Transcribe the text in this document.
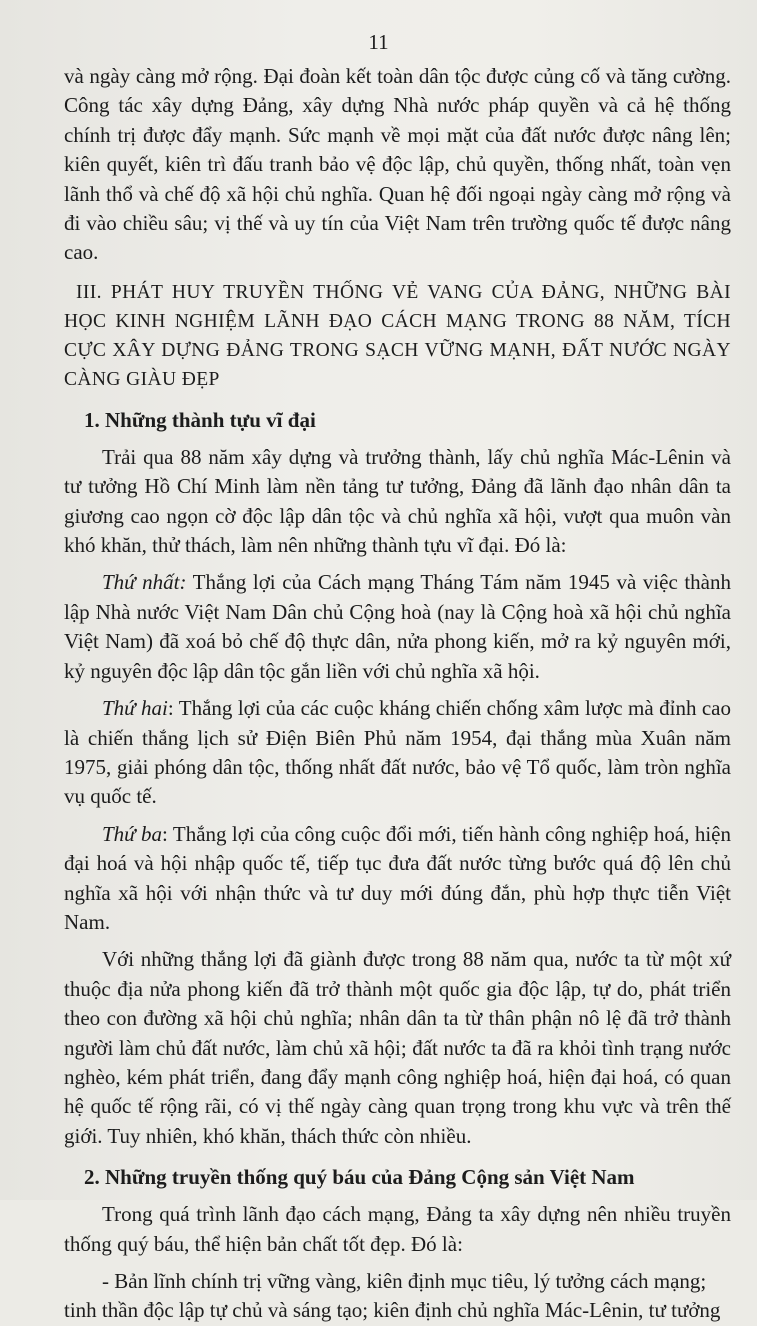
11

và ngày càng mở rộng. Đại đoàn kết toàn dân tộc được củng cố và tăng cường. Công tác xây dựng Đảng, xây dựng Nhà nước pháp quyền và cả hệ thống chính trị được đẩy mạnh. Sức mạnh về mọi mặt của đất nước được nâng lên; kiên quyết, kiên trì đấu tranh bảo vệ độc lập, chủ quyền, thống nhất, toàn vẹn lãnh thổ và chế độ xã hội chủ nghĩa. Quan hệ đối ngoại ngày càng mở rộng và đi vào chiều sâu; vị thế và uy tín của Việt Nam trên trường quốc tế được nâng cao.

III. PHÁT HUY TRUYỀN THỐNG VẺ VANG CỦA ĐẢNG, NHỮNG BÀI HỌC KINH NGHIỆM LÃNH ĐẠO CÁCH MẠNG TRONG 88 NĂM, TÍCH CỰC XÂY DỰNG ĐẢNG TRONG SẠCH VỮNG MẠNH, ĐẤT NƯỚC NGÀY CÀNG GIÀU ĐẸP

1. Những thành tựu vĩ đại

Trải qua 88 năm xây dựng và trưởng thành, lấy chủ nghĩa Mác-Lênin và tư tưởng Hồ Chí Minh làm nền tảng tư tưởng, Đảng đã lãnh đạo nhân dân ta giương cao ngọn cờ độc lập dân tộc và chủ nghĩa xã hội, vượt qua muôn vàn khó khăn, thử thách, làm nên những thành tựu vĩ đại. Đó là:

Thứ nhất: Thắng lợi của Cách mạng Tháng Tám năm 1945 và việc thành lập Nhà nước Việt Nam Dân chủ Cộng hoà (nay là Cộng hoà xã hội chủ nghĩa Việt Nam) đã xoá bỏ chế độ thực dân, nửa phong kiến, mở ra kỷ nguyên mới, kỷ nguyên độc lập dân tộc gắn liền với chủ nghĩa xã hội.

Thứ hai: Thắng lợi của các cuộc kháng chiến chống xâm lược mà đỉnh cao là chiến thắng lịch sử Điện Biên Phủ năm 1954, đại thắng mùa Xuân năm 1975, giải phóng dân tộc, thống nhất đất nước, bảo vệ Tổ quốc, làm tròn nghĩa vụ quốc tế.

Thứ ba: Thắng lợi của công cuộc đổi mới, tiến hành công nghiệp hoá, hiện đại hoá và hội nhập quốc tế, tiếp tục đưa đất nước từng bước quá độ lên chủ nghĩa xã hội với nhận thức và tư duy mới đúng đắn, phù hợp thực tiễn Việt Nam.

Với những thắng lợi đã giành được trong 88 năm qua, nước ta từ một xứ thuộc địa nửa phong kiến đã trở thành một quốc gia độc lập, tự do, phát triển theo con đường xã hội chủ nghĩa; nhân dân ta từ thân phận nô lệ đã trở thành người làm chủ đất nước, làm chủ xã hội; đất nước ta đã ra khỏi tình trạng nước nghèo, kém phát triển, đang đẩy mạnh công nghiệp hoá, hiện đại hoá, có quan hệ quốc tế rộng rãi, có vị thế ngày càng quan trọng trong khu vực và trên thế giới. Tuy nhiên, khó khăn, thách thức còn nhiều.

2. Những truyền thống quý báu của Đảng Cộng sản Việt Nam

Trong quá trình lãnh đạo cách mạng, Đảng ta xây dựng nên nhiều truyền thống quý báu, thể hiện bản chất tốt đẹp. Đó là:

- Bản lĩnh chính trị vững vàng, kiên định mục tiêu, lý tưởng cách mạng; tinh thần độc lập tự chủ và sáng tạo; kiên định chủ nghĩa Mác-Lênin, tư tưởng
